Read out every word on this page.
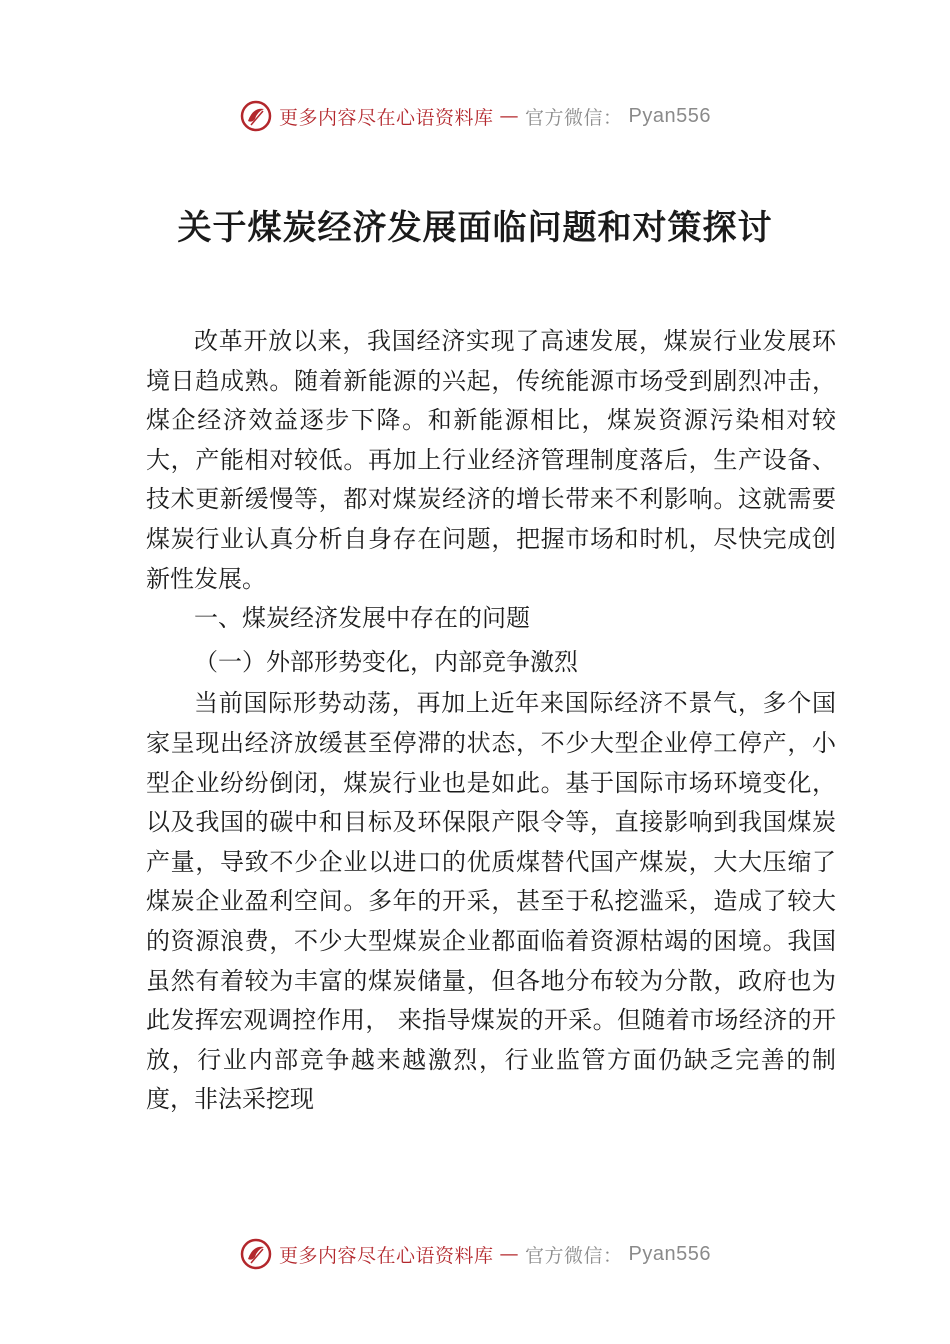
更多内容尽在心语资料库 — 官方微信： Pyan556
关于煤炭经济发展面临问题和对策探讨

改革开放以来，我国经济实现了高速发展，煤炭行业发展环境日趋成熟。随着新能源的兴起，传统能源市场受到剧烈冲击，煤企经济效益逐步下降。和新能源相比，煤炭资源污染相对较大，产能相对较低。再加上行业经济管理制度落后，生产设备、技术更新缓慢等，都对煤炭经济的增长带来不利影响。这就需要煤炭行业认真分析自身存在问题，把握市场和时机，尽快完成创新性发展。

一、煤炭经济发展中存在的问题

（一）外部形势变化，内部竞争激烈

当前国际形势动荡，再加上近年来国际经济不景气，多个国家呈现出经济放缓甚至停滞的状态，不少大型企业停工停产，小型企业纷纷倒闭，煤炭行业也是如此。基于国际市场环境变化，以及我国的碳中和目标及环保限产限令等，直接影响到我国煤炭产量，导致不少企业以进口的优质煤替代国产煤炭，大大压缩了煤炭企业盈利空间。多年的开采，甚至于私挖滥采，造成了较大的资源浪费，不少大型煤炭企业都面临着资源枯竭的困境。我国虽然有着较为丰富的煤炭储量，但各地分布较为分散，政府也为此发挥宏观调控作用， 来指导煤炭的开采。但随着市场经济的开放，行业内部竞争越来越激烈，行业监管方面仍缺乏完善的制度，非法采挖现

更多内容尽在心语资料库 — 官方微信： Pyan556
